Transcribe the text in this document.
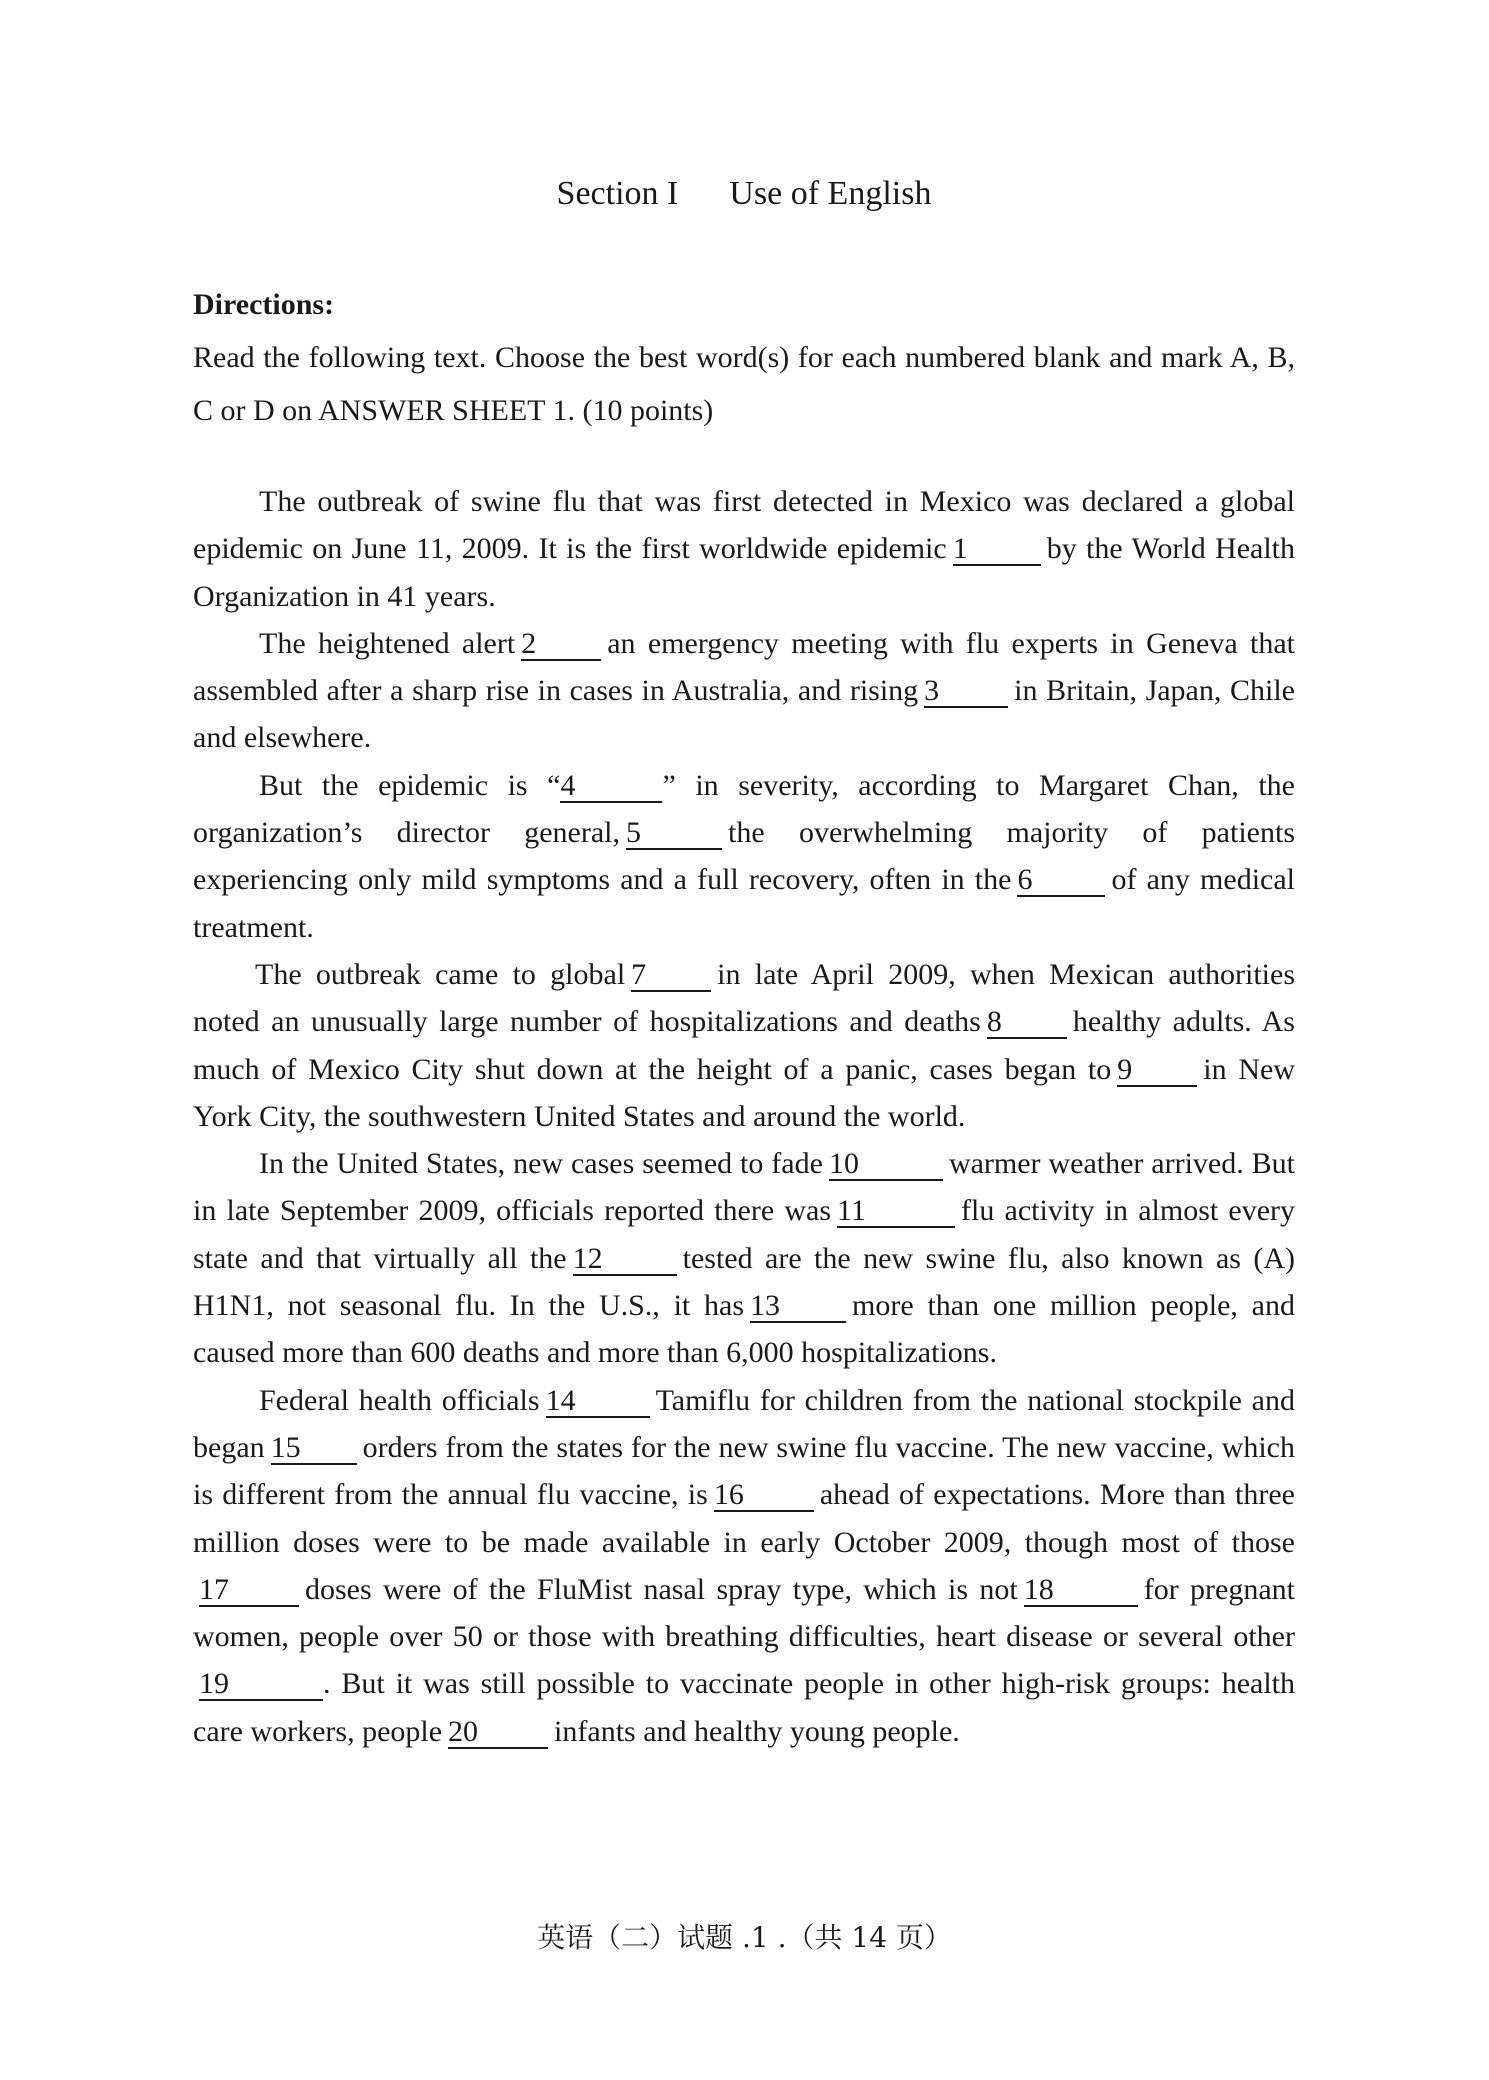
Section I      Use of English
Directions:
Read the following text. Choose the best word(s) for each numbered blank and mark A, B, C or D on ANSWER SHEET 1. (10 points)

The outbreak of swine flu that was first detected in Mexico was declared a global epidemic on June 11, 2009. It is the first worldwide epidemic 1	by the World Health Organization in 41 years.

The heightened alert 2 an emergency meeting with flu experts in Geneva that assembled after a sharp rise in cases in Australia, and rising 3	in Britain, Japan, Chile and elsewhere.

But the epidemic is “4	” in severity, according to Margaret Chan, the organization’s director general, 5	the overwhelming majority of patients experiencing only mild symptoms and a full recovery, often in the 6	of any medical treatment.

The outbreak came to global 7 in late April 2009, when Mexican authorities noted an unusually large number of hospitalizations and deaths 8 healthy adults. As much of Mexico City shut down at the height of a panic, cases began to 9 in New York City, the southwestern United States and around the world.

In the United States, new cases seemed to fade 10	warmer weather arrived. But in late September 2009, officials reported there was 11	flu activity in almost every state and that virtually all the 12	tested are the new swine flu, also known as (A) H1N1, not seasonal flu. In the U.S., it has 13 more than one million people, and caused more than 600 deaths and more than 6,000 hospitalizations.

Federal health officials 14	Tamiflu for children from the national stockpile and began 15 orders from the states for the new swine flu vaccine. The new vaccine, which is different from the annual flu vaccine, is 16	ahead of expectations. More than three million doses were to be made available in early October 2009, though most of those17	doses were of the FluMist nasal spray type, which is not 18	for pregnant women, people over 50 or those with breathing difficulties, heart disease or several other19	. But it was still possible to vaccinate people in other high-risk groups: health care workers, people 20	infants and healthy young people.

英语（二）试题 .1 .（共 14 页）
